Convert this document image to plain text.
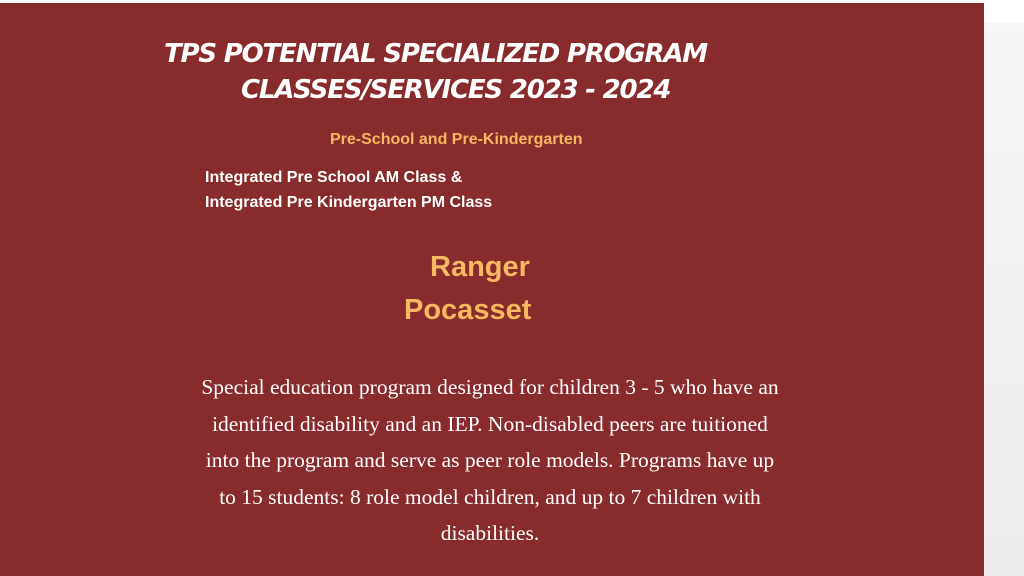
TPS POTENTIAL SPECIALIZED PROGRAM
CLASSES/SERVICES 2023 - 2024
Pre-School and Pre-Kindergarten
Integrated Pre School AM Class &
Integrated Pre Kindergarten PM Class
Ranger
Pocasset

Special education program designed for children 3 - 5 who have an identified disability and an IEP. Non-disabled peers are tuitioned into the program and serve as peer role models. Programs have up to 15 students: 8 role model children, and up to 7 children with disabilities.
